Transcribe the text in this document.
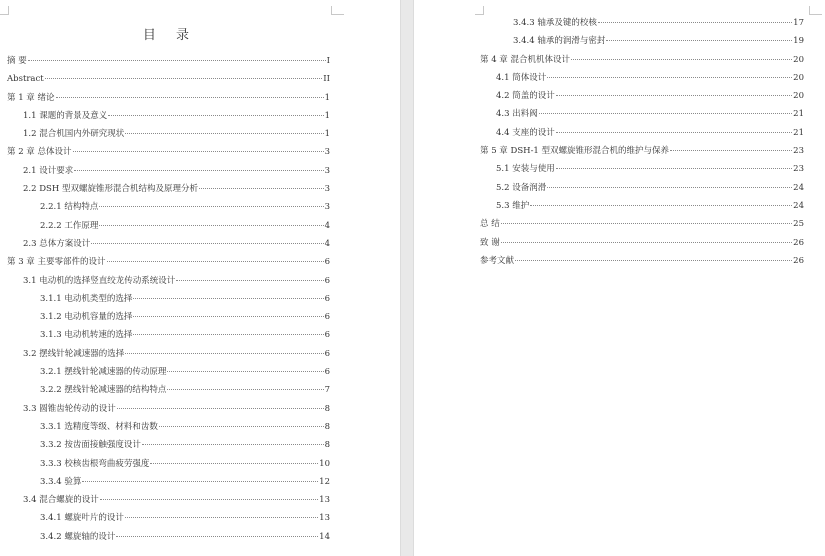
目 录
摘 要	I
Abstract	II
第 1 章 绪论	1
1.1 课题的背景及意义	1
1.2 混合机国内外研究现状	1
第 2 章 总体设计	3
2.1 设计要求	3
2.2 DSH 型双螺旋锥形混合机结构及原理分析	3
2.2.1 结构特点	3
2.2.2 工作原理	4
2.3 总体方案设计	4
第 3 章 主要零部件的设计	6
3.1 电动机的选择竖直绞龙传动系统设计	6
3.1.1 电动机类型的选择	6
3.1.2 电动机容量的选择	6
3.1.3 电动机转速的选择	6
3.2 摆线针轮减速器的选择	6
3.2.1 摆线针轮减速器的传动原理	6
3.2.2 摆线针轮减速器的结构特点	7
3.3 圆锥齿轮传动的设计	8
3.3.1 选精度等级、材料和齿数	8
3.3.2 按齿面接触强度设计	8
3.3.3 校核齿根弯曲疲劳强度	10
3.3.4 验算	12
3.4 混合螺旋的设计	13
3.4.1 螺旋叶片的设计	13
3.4.2 螺旋轴的设计	14
3.4.3 轴承及键的校核	17
3.4.4 轴承的润滑与密封	19
第 4 章 混合机机体设计	20
4.1 筒体设计	20
4.2 筒盖的设计	20
4.3 出料阀	21
4.4 支座的设计	21
第 5 章 DSH-1 型双螺旋锥形混合机的维护与保养	23
5.1 安装与使用	23
5.2 设备润滑	24
5.3 维护	24
总 结	25
致 谢	26
参考文献	26
